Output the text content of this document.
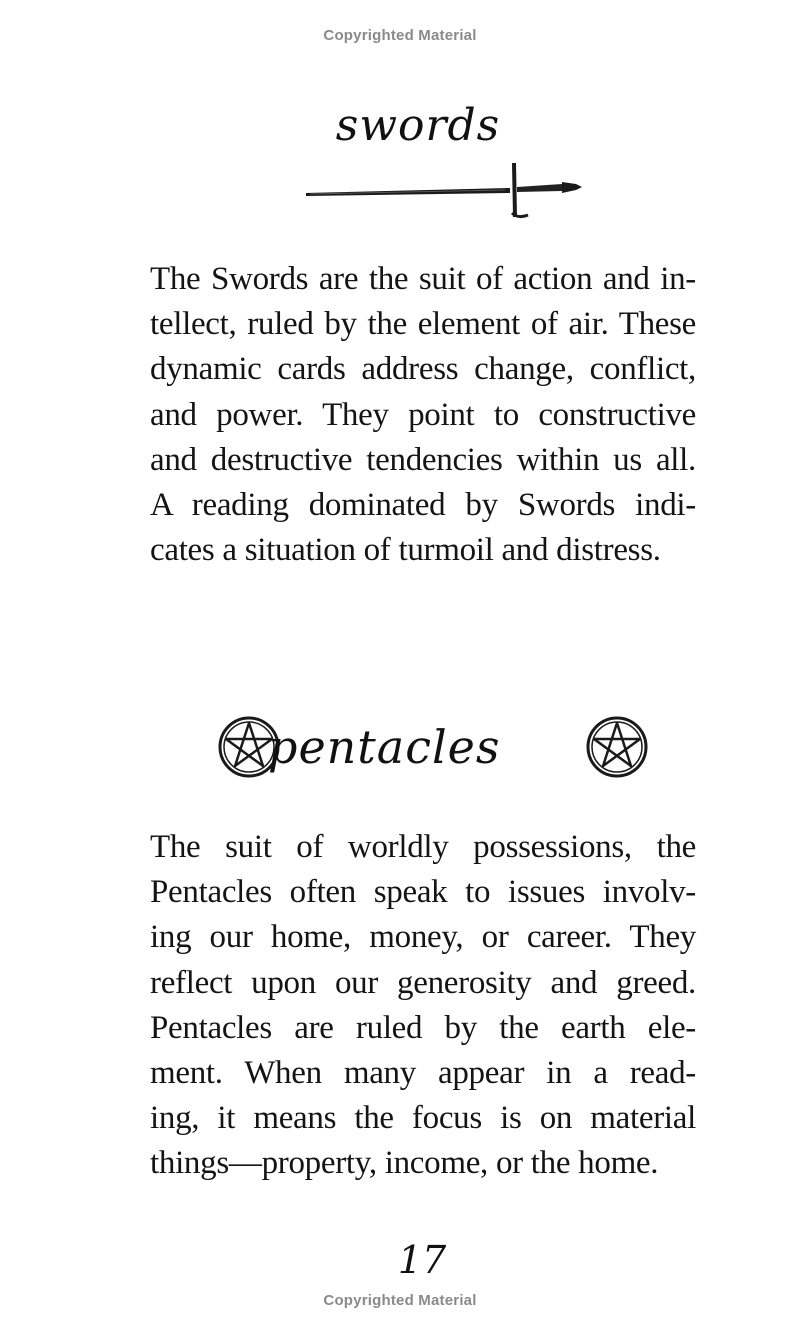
Copyrighted Material
swords
The Swords are the suit of action and in-
tellect, ruled by the element of air. These
dynamic cards address change, conflict,
and power. They point to constructive
and destructive tendencies within us all.
A reading dominated by Swords indi-
cates a situation of turmoil and distress.
pentacles
The suit of worldly possessions, the
Pentacles often speak to issues involv-
ing our home, money, or career. They
reflect upon our generosity and greed.
Pentacles are ruled by the earth ele-
ment. When many appear in a read-
ing, it means the focus is on material
things—property, income, or the home.
17
Copyrighted Material
